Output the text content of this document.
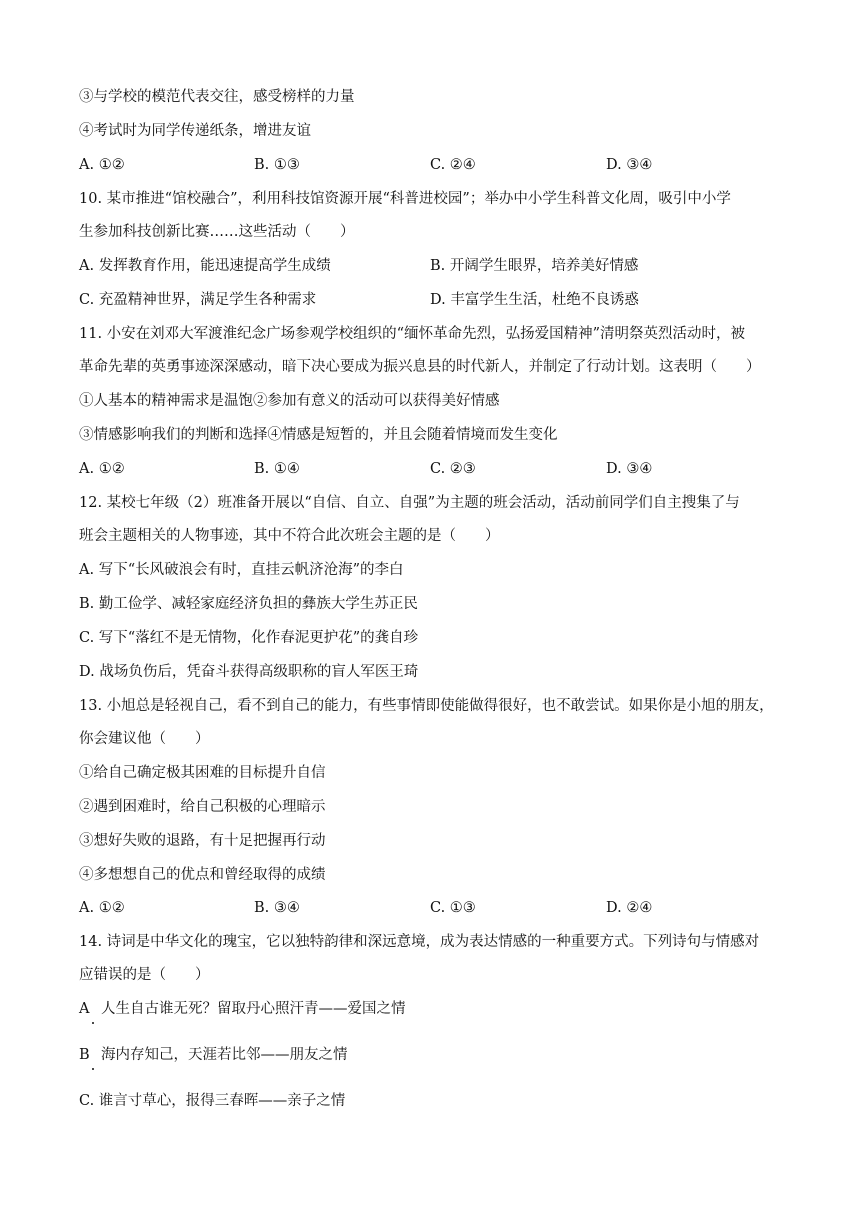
③与学校的模范代表交往，感受榜样的力量
④考试时为同学传递纸条，增进友谊
A. ①②	B. ①③	C. ②④	D. ③④
10. 某市推进“馆校融合”，利用科技馆资源开展“科普进校园”；举办中小学生科普文化周，吸引中小学
生参加科技创新比赛……这些活动（　　）
A. 发挥教育作用，能迅速提高学生成绩	B. 开阔学生眼界，培养美好情感
C. 充盈精神世界，满足学生各种需求	D. 丰富学生生活，杜绝不良诱惑
11. 小安在刘邓大军渡淮纪念广场参观学校组织的“缅怀革命先烈，弘扬爱国精神”清明祭英烈活动时，被
革命先辈的英勇事迹深深感动，暗下决心要成为振兴息县的时代新人，并制定了行动计划。这表明（　　）
①人基本的精神需求是温饱②参加有意义的活动可以获得美好情感
③情感影响我们的判断和选择④情感是短暂的，并且会随着情境而发生变化
A. ①②	B. ①④	C. ②③	D. ③④
12. 某校七年级（2）班准备开展以“自信、自立、自强”为主题的班会活动，活动前同学们自主搜集了与
班会主题相关的人物事迹，其中不符合此次班会主题的是（　　）
A. 写下“长风破浪会有时，直挂云帆济沧海”的李白
B. 勤工俭学、减轻家庭经济负担的彝族大学生苏正民
C. 写下“落红不是无情物，化作春泥更护花”的龚自珍
D. 战场负伤后，凭奋斗获得高级职称的盲人军医王琦
13. 小旭总是轻视自己，看不到自己的能力，有些事情即使能做得很好，也不敢尝试。如果你是小旭的朋友，
你会建议他（　　）
①给自己确定极其困难的目标提升自信
②遇到困难时，给自己积极的心理暗示
③想好失败的退路，有十足把握再行动
④多想想自己的优点和曾经取得的成绩
A. ①②	B. ③④	C. ①③	D. ②④
14. 诗词是中华文化的瑰宝，它以独特韵律和深远意境，成为表达情感的一种重要方式。下列诗句与情感对
应错误的是（　　）
A 人生自古谁无死？留取丹心照汗青——爱国之情
B 海内存知己，天涯若比邻——朋友之情
C. 谁言寸草心，报得三春晖——亲子之情
